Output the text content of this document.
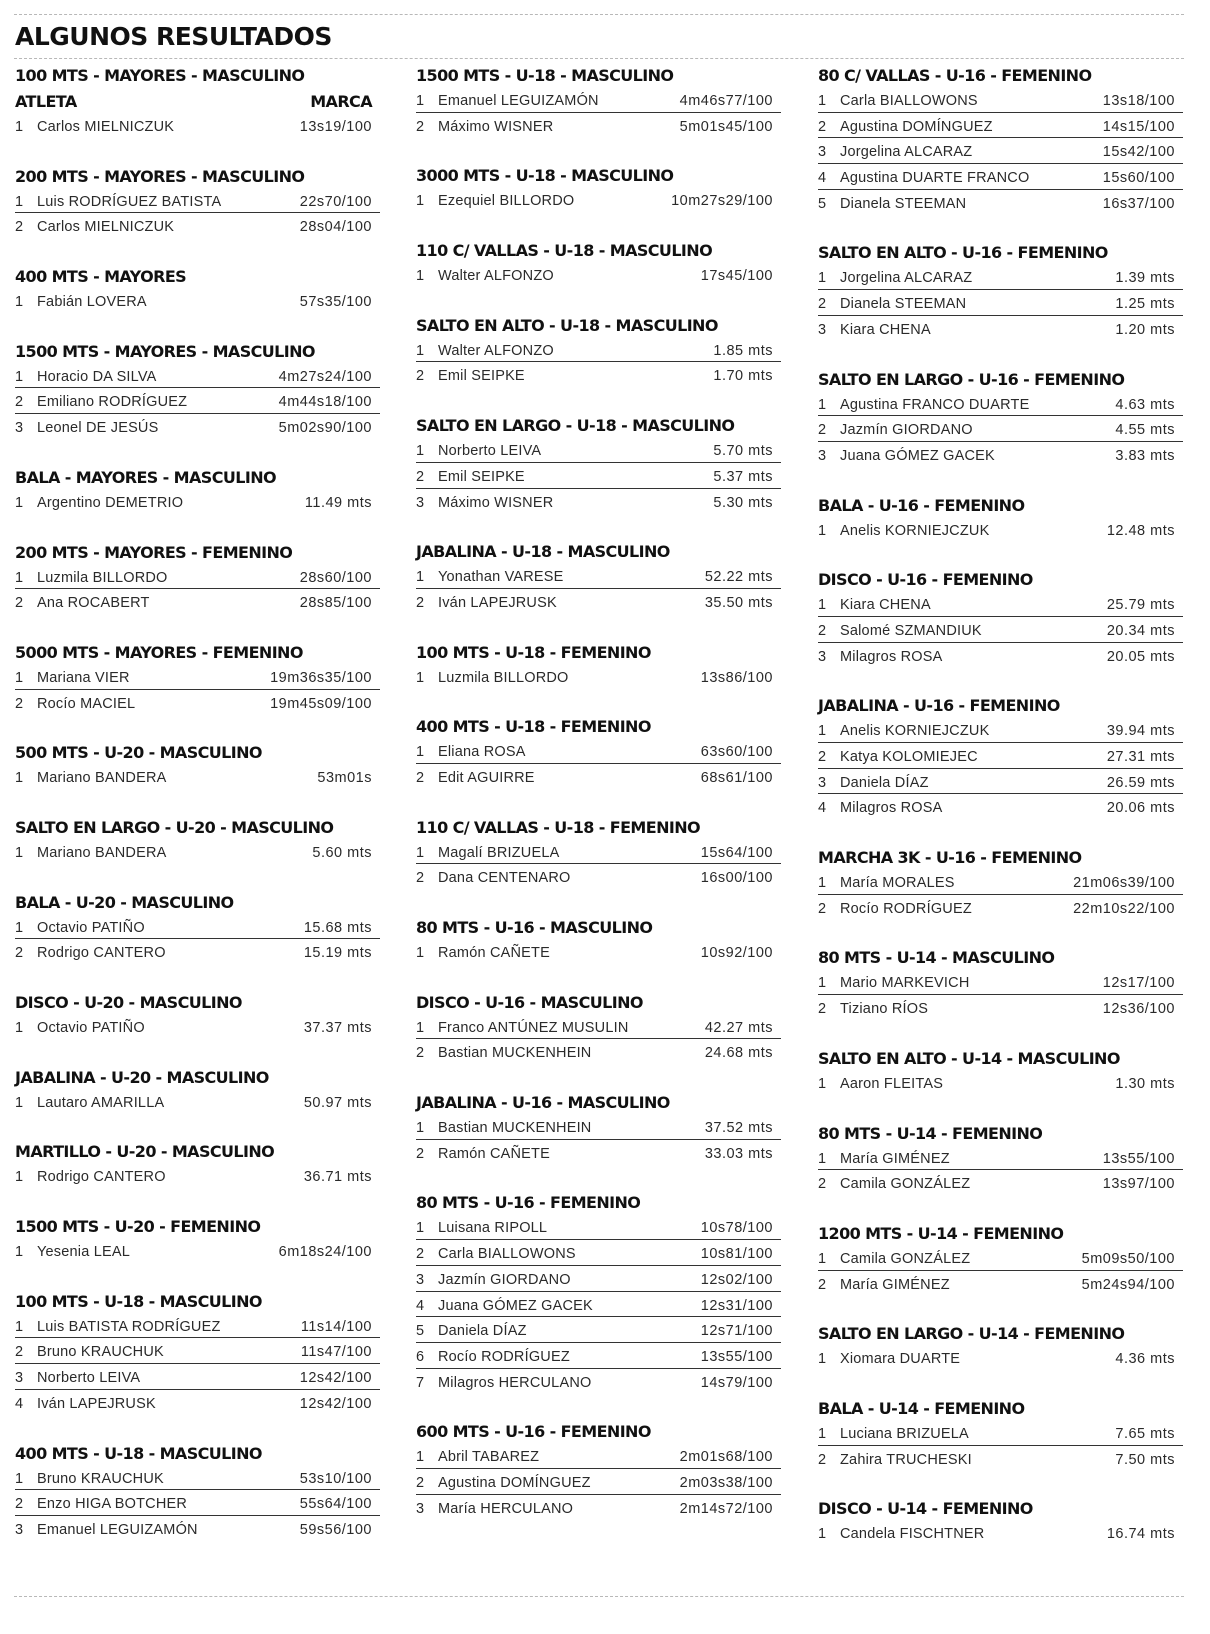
ALGUNOS RESULTADOS
100 MTS - MAYORES - MASCULINO
ATLETA	MARCA
1 Carlos MIELNICZUK	13s19/100
200 MTS - MAYORES - MASCULINO
1 Luis RODRÍGUEZ BATISTA	22s70/100
2 Carlos MIELNICZUK	28s04/100
400 MTS - MAYORES
1 Fabián LOVERA	57s35/100
1500 MTS - MAYORES - MASCULINO
1 Horacio DA SILVA	4m27s24/100
2 Emiliano RODRÍGUEZ	4m44s18/100
3 Leonel DE JESÚS	5m02s90/100
BALA - MAYORES - MASCULINO
1 Argentino DEMETRIO	11.49 mts
200 MTS - MAYORES - FEMENINO
1 Luzmila BILLORDO	28s60/100
2 Ana ROCABERT	28s85/100
5000 MTS - MAYORES - FEMENINO
1 Mariana VIER	19m36s35/100
2 Rocío MACIEL	19m45s09/100
500 MTS - U-20 - MASCULINO
1 Mariano BANDERA	53m01s
SALTO EN LARGO - U-20 - MASCULINO
1 Mariano BANDERA	5.60 mts
BALA - U-20 - MASCULINO
1 Octavio PATIÑO	15.68 mts
2 Rodrigo CANTERO	15.19 mts
DISCO - U-20 - MASCULINO
1 Octavio PATIÑO	37.37 mts
JABALINA - U-20 - MASCULINO
1 Lautaro AMARILLA	50.97 mts
MARTILLO - U-20 - MASCULINO
1 Rodrigo CANTERO	36.71 mts
1500 MTS - U-20 - FEMENINO
1 Yesenia LEAL	6m18s24/100
100 MTS - U-18 - MASCULINO
1 Luis BATISTA RODRÍGUEZ	11s14/100
2 Bruno KRAUCHUK	11s47/100
3 Norberto LEIVA	12s42/100
4 Iván LAPEJRUSK	12s42/100
400 MTS - U-18 - MASCULINO
1 Bruno KRAUCHUK	53s10/100
2 Enzo HIGA BOTCHER	55s64/100
3 Emanuel LEGUIZAMÓN	59s56/100
1500 MTS - U-18 - MASCULINO
1 Emanuel LEGUIZAMÓN	4m46s77/100
2 Máximo WISNER	5m01s45/100
3000 MTS - U-18 - MASCULINO
1 Ezequiel BILLORDO	10m27s29/100
110 C/ VALLAS - U-18 - MASCULINO
1 Walter ALFONZO	17s45/100
SALTO EN ALTO - U-18 - MASCULINO
1 Walter ALFONZO	1.85 mts
2 Emil SEIPKE	1.70 mts
SALTO EN LARGO - U-18 - MASCULINO
1 Norberto LEIVA	5.70 mts
2 Emil SEIPKE	5.37 mts
3 Máximo WISNER	5.30 mts
JABALINA - U-18 - MASCULINO
1 Yonathan VARESE	52.22 mts
2 Iván LAPEJRUSK	35.50 mts
100 MTS - U-18 - FEMENINO
1 Luzmila BILLORDO	13s86/100
400 MTS - U-18 - FEMENINO
1 Eliana ROSA	63s60/100
2 Edit AGUIRRE	68s61/100
110 C/ VALLAS - U-18 - FEMENINO
1 Magalí BRIZUELA	15s64/100
2 Dana CENTENARO	16s00/100
80 MTS - U-16 - MASCULINO
1 Ramón CAÑETE	10s92/100
DISCO - U-16 - MASCULINO
1 Franco ANTÚNEZ MUSULIN	42.27 mts
2 Bastian MUCKENHEIN	24.68 mts
JABALINA - U-16 - MASCULINO
1 Bastian MUCKENHEIN	37.52 mts
2 Ramón CAÑETE	33.03 mts
80 MTS - U-16 - FEMENINO
1 Luisana RIPOLL	10s78/100
2 Carla BIALLOWONS	10s81/100
3 Jazmín GIORDANO	12s02/100
4 Juana GÓMEZ GACEK	12s31/100
5 Daniela DÍAZ	12s71/100
6 Rocío RODRÍGUEZ	13s55/100
7 Milagros HERCULANO	14s79/100
600 MTS - U-16 - FEMENINO
1 Abril TABAREZ	2m01s68/100
2 Agustina DOMÍNGUEZ	2m03s38/100
3 María HERCULANO	2m14s72/100
80 C/ VALLAS - U-16 - FEMENINO
1 Carla BIALLOWONS	13s18/100
2 Agustina DOMÍNGUEZ	14s15/100
3 Jorgelina ALCARAZ	15s42/100
4 Agustina DUARTE FRANCO	15s60/100
5 Dianela STEEMAN	16s37/100
SALTO EN ALTO - U-16 - FEMENINO
1 Jorgelina ALCARAZ	1.39 mts
2 Dianela STEEMAN	1.25 mts
3 Kiara CHENA	1.20 mts
SALTO EN LARGO - U-16 - FEMENINO
1 Agustina FRANCO DUARTE	4.63 mts
2 Jazmín GIORDANO	4.55 mts
3 Juana GÓMEZ GACEK	3.83 mts
BALA - U-16 - FEMENINO
1 Anelis KORNIEJCZUK	12.48 mts
DISCO - U-16 - FEMENINO
1 Kiara CHENA	25.79 mts
2 Salomé SZMANDIUK	20.34 mts
3 Milagros ROSA	20.05 mts
JABALINA - U-16 - FEMENINO
1 Anelis KORNIEJCZUK	39.94 mts
2 Katya KOLOMIEJEC	27.31 mts
3 Daniela DÍAZ	26.59 mts
4 Milagros ROSA	20.06 mts
MARCHA 3K - U-16 - FEMENINO
1 María MORALES	21m06s39/100
2 Rocío RODRÍGUEZ	22m10s22/100
80 MTS - U-14 - MASCULINO
1 Mario MARKEVICH	12s17/100
2 Tiziano RÍOS	12s36/100
SALTO EN ALTO - U-14 - MASCULINO
1 Aaron FLEITAS	1.30 mts
80 MTS - U-14 - FEMENINO
1 María GIMÉNEZ	13s55/100
2 Camila GONZÁLEZ	13s97/100
1200 MTS - U-14 - FEMENINO
1 Camila GONZÁLEZ	5m09s50/100
2 María GIMÉNEZ	5m24s94/100
SALTO EN LARGO - U-14 - FEMENINO
1 Xiomara DUARTE	4.36 mts
BALA - U-14 - FEMENINO
1 Luciana BRIZUELA	7.65 mts
2 Zahira TRUCHESKI	7.50 mts
DISCO - U-14 - FEMENINO
1 Candela FISCHTNER	16.74 mts
